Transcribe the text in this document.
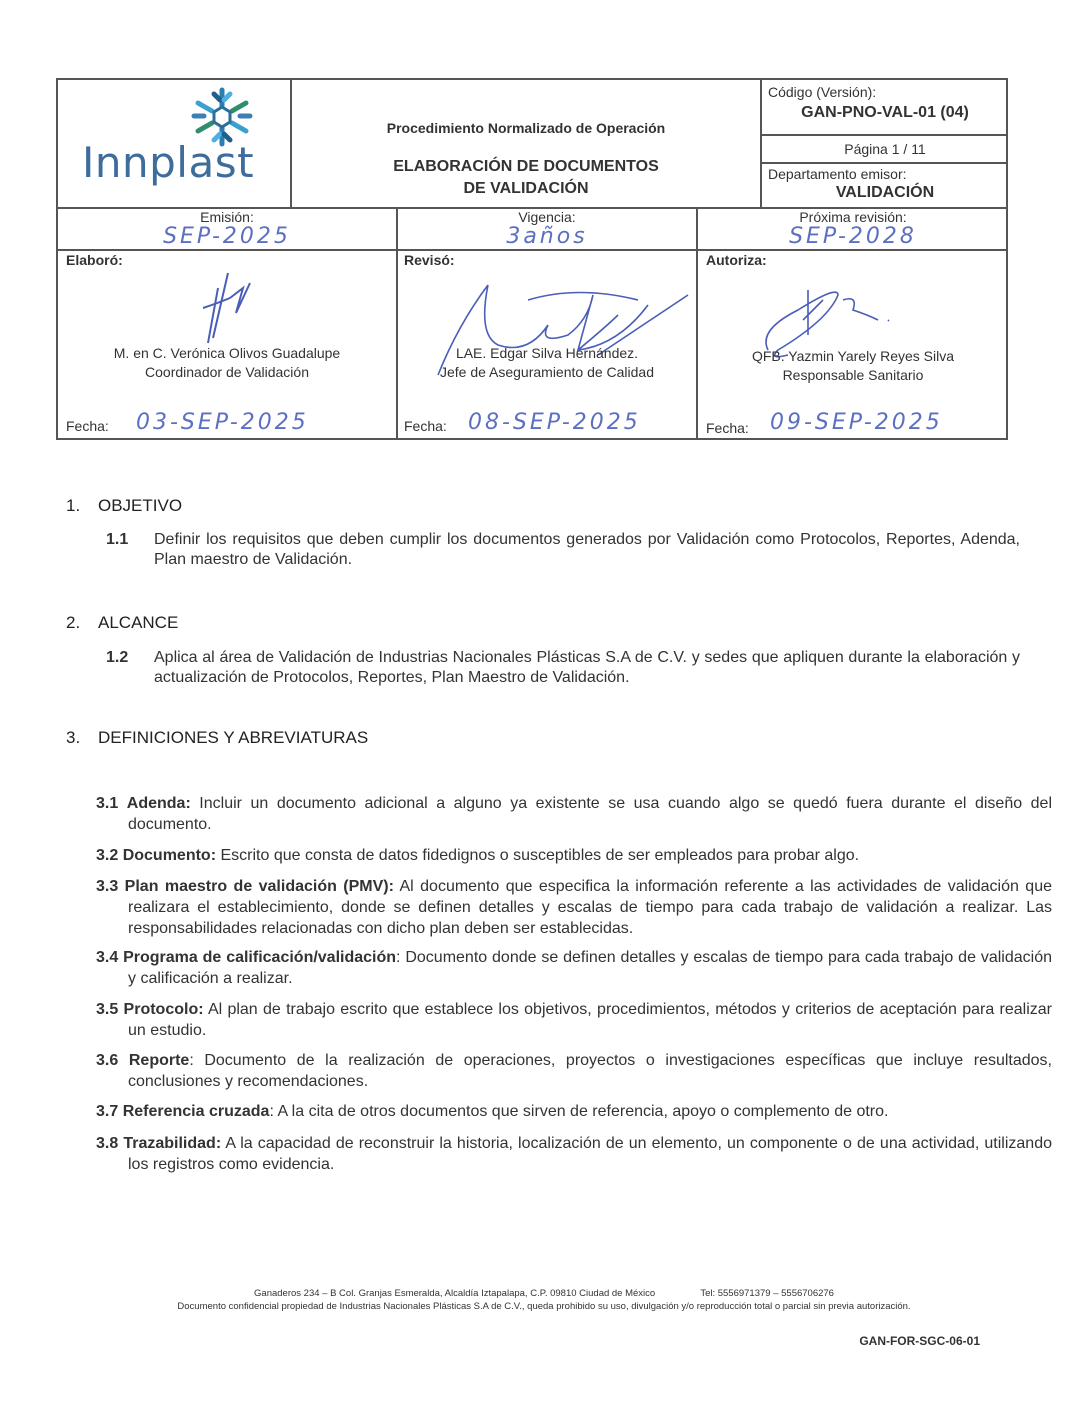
Innplast
Procedimiento Normalizado de Operación
ELABORACIÓN DE DOCUMENTOS
DE VALIDACIÓN
Código (Versión):
GAN-PNO-VAL-01 (04)
Página 1 / 11
Departamento emisor:
VALIDACIÓN
Emisión:
SEP-2025
Vigencia:
3años
Próxima revisión:
SEP-2028
Elaboró:
M. en C. Verónica Olivos Guadalupe
Coordinador de Validación
Fecha: 03-SEP-2025
Revisó:
LAE. Edgar Silva Hernández.
Jefe de Aseguramiento de Calidad
Fecha: 08-SEP-2025
Autoriza:
QFB. Yazmin Yarely Reyes Silva
Responsable Sanitario
Fecha: 09-SEP-2025
1. OBJETIVO
1.1	Definir los requisitos que deben cumplir los documentos generados por Validación como Protocolos, Reportes, Adenda, Plan maestro de Validación.
2. ALCANCE
1.2	Aplica al área de Validación de Industrias Nacionales Plásticas S.A de C.V. y sedes que apliquen durante la elaboración y actualización de Protocolos, Reportes, Plan Maestro de Validación.
3. DEFINICIONES Y ABREVIATURAS
3.1 Adenda: Incluir un documento adicional a alguno ya existente se usa cuando algo se quedó fuera durante el diseño del documento.
3.2 Documento: Escrito que consta de datos fidedignos o susceptibles de ser empleados para probar algo.
3.3 Plan maestro de validación (PMV): Al documento que especifica la información referente a las actividades de validación que realizara el establecimiento, donde se definen detalles y escalas de tiempo para cada trabajo de validación a realizar. Las responsabilidades relacionadas con dicho plan deben ser establecidas.
3.4 Programa de calificación/validación: Documento donde se definen detalles y escalas de tiempo para cada trabajo de validación y calificación a realizar.
3.5 Protocolo: Al plan de trabajo escrito que establece los objetivos, procedimientos, métodos y criterios de aceptación para realizar un estudio.
3.6 Reporte: Documento de la realización de operaciones, proyectos o investigaciones específicas que incluye resultados, conclusiones y recomendaciones.
3.7 Referencia cruzada: A la cita de otros documentos que sirven de referencia, apoyo o complemento de otro.
3.8 Trazabilidad: A la capacidad de reconstruir la historia, localización de un elemento, un componente o de una actividad, utilizando los registros como evidencia.
Ganaderos 234 – B Col. Granjas Esmeralda, Alcaldía Iztapalapa, C.P. 09810 Ciudad de México	Tel: 5556971379 – 5556706276
Documento confidencial propiedad de Industrias Nacionales Plásticas S.A de C.V., queda prohibido su uso, divulgación y/o reproducción total o parcial sin previa autorización.
GAN-FOR-SGC-06-01
